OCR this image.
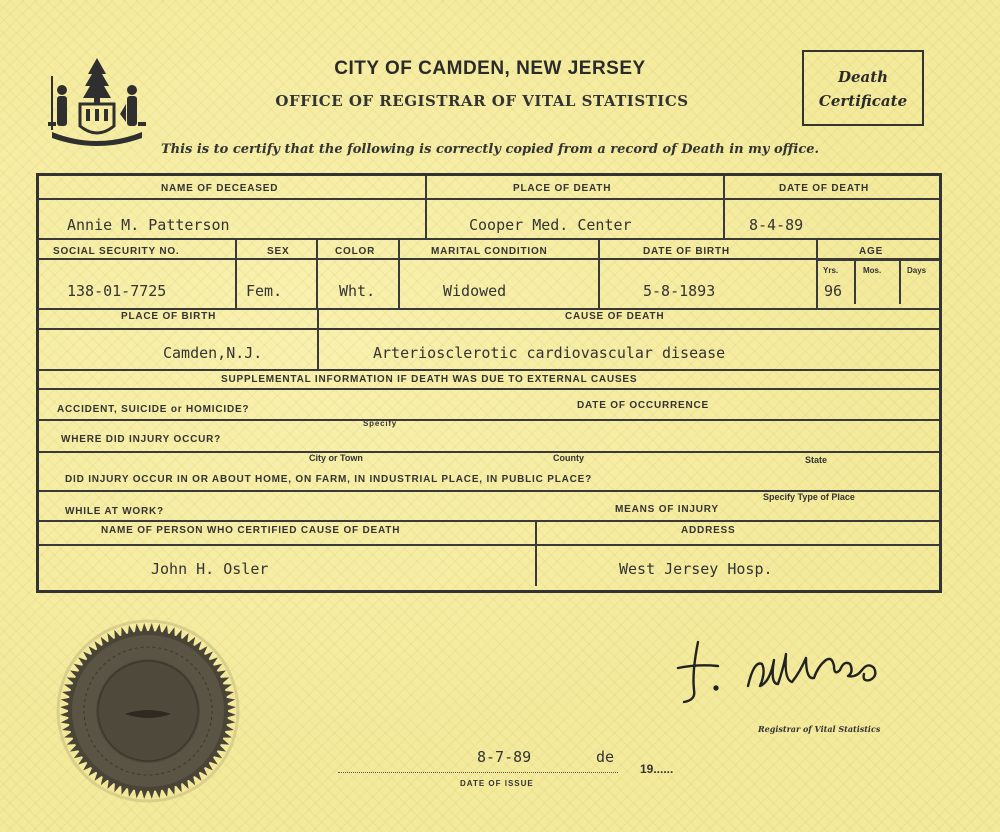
CITY OF CAMDEN, NEW JERSEY
OFFICE OF REGISTRAR OF VITAL STATISTICS
Death
Certificate
This is to certify that the following is correctly copied from a record of Death in my office.
NAME OF DECEASED	PLACE OF DEATH	DATE OF DEATH
Annie M. Patterson	Cooper Med. Center	8-4-89
SOCIAL SECURITY NO.	SEX	COLOR	MARITAL CONDITION	DATE OF BIRTH	AGE
Yrs.	Mos.	Days
138-01-7725	Fem.	Wht.	Widowed	5-8-1893	96
PLACE OF BIRTH	CAUSE OF DEATH
Camden,N.J.	Arteriosclerotic cardiovascular disease
SUPPLEMENTAL INFORMATION IF DEATH WAS DUE TO EXTERNAL CAUSES
ACCIDENT, SUICIDE or HOMICIDE?	DATE OF OCCURRENCE
Specify
WHERE DID INJURY OCCUR?
City or Town	County	State
DID INJURY OCCUR IN OR ABOUT HOME, ON FARM, IN INDUSTRIAL PLACE, IN PUBLIC PLACE?
Specify Type of Place
WHILE AT WORK?	MEANS OF INJURY
NAME OF PERSON WHO CERTIFIED CAUSE OF DEATH	ADDRESS
John H. Osler	West Jersey Hosp.
Registrar of Vital Statistics
8-7-89	de
19......
DATE OF ISSUE
